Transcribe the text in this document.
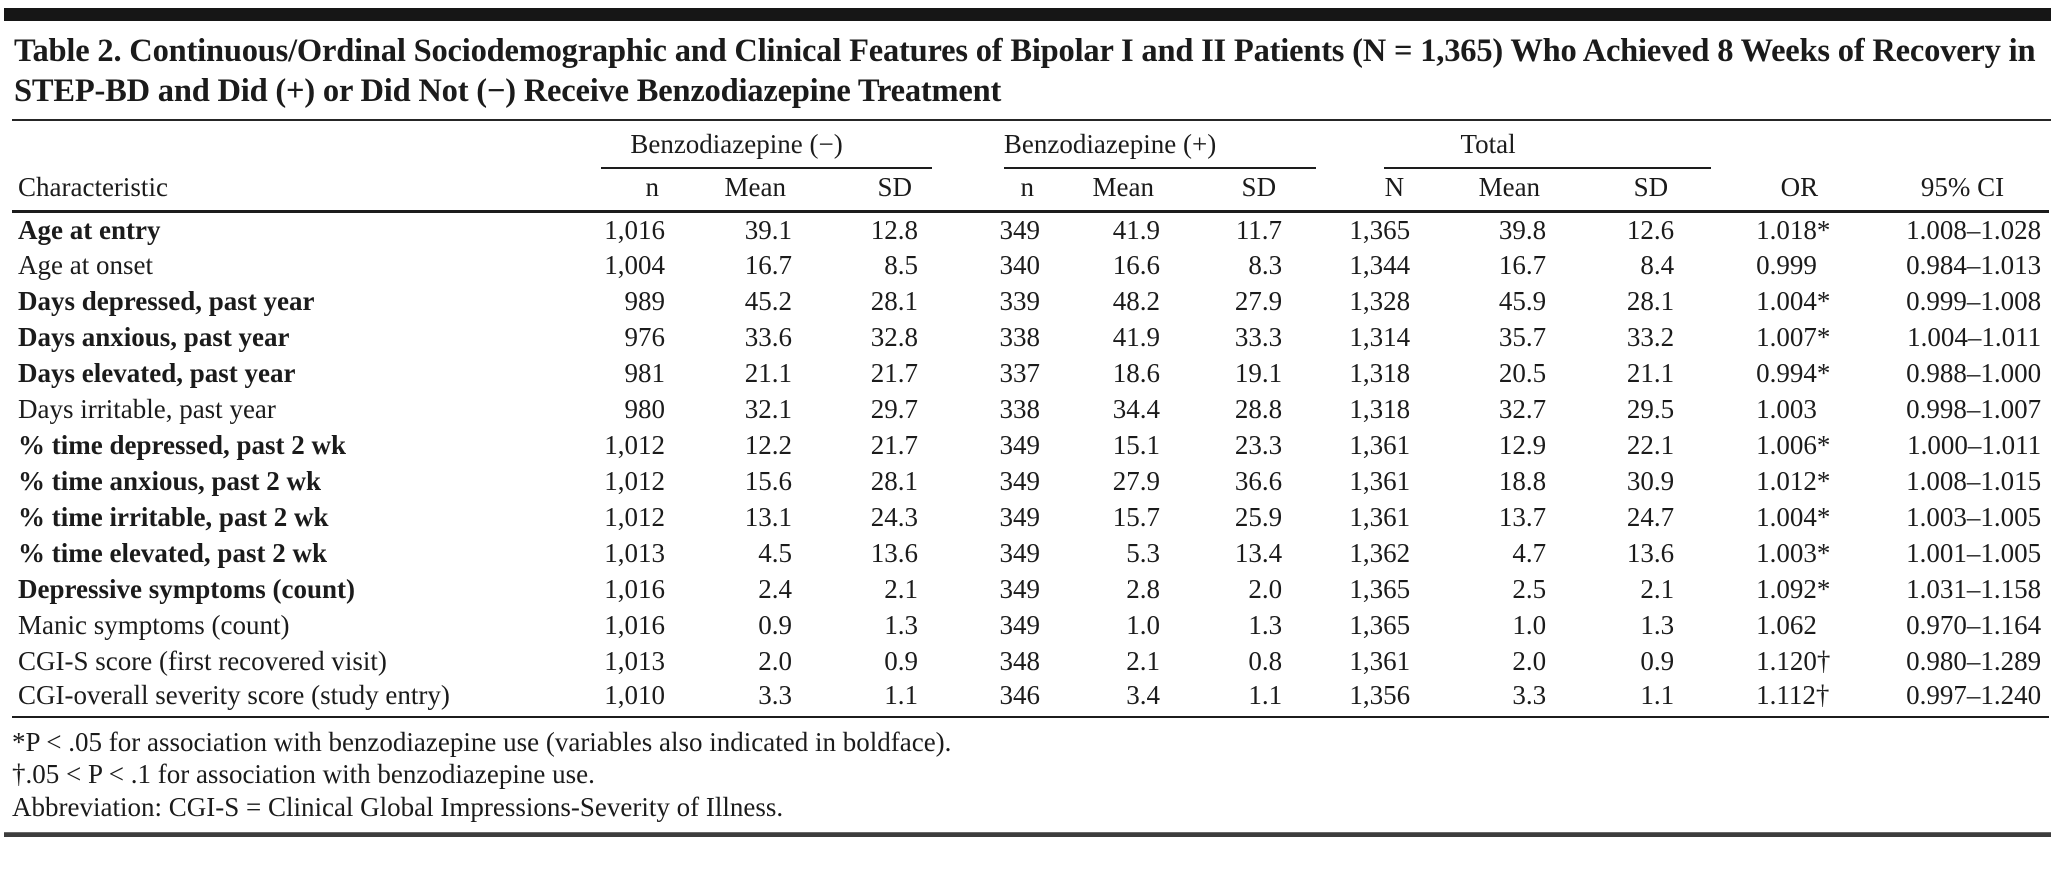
Table 2. Continuous/Ordinal Sociodemographic and Clinical Features of Bipolar I and II Patients (N = 1,365) Who Achieved 8 Weeks of Recovery in STEP-BD and Did (+) or Did Not (−) Receive Benzodiazepine Treatment
	Benzodiazepine (−)			Benzodiazepine (+)			Total				
Characteristic	n	Mean	SD	n	Mean	SD	N	Mean	SD	OR	95% CI
Age at entry	1,016	39.1	12.8	349	41.9	11.7	1,365	39.8	12.6	1.018*	1.008–1.028
Age at onset	1,004	16.7	8.5	340	16.6	8.3	1,344	16.7	8.4	0.999	0.984–1.013
Days depressed, past year	989	45.2	28.1	339	48.2	27.9	1,328	45.9	28.1	1.004*	0.999–1.008
Days anxious, past year	976	33.6	32.8	338	41.9	33.3	1,314	35.7	33.2	1.007*	1.004–1.011
Days elevated, past year	981	21.1	21.7	337	18.6	19.1	1,318	20.5	21.1	0.994*	0.988–1.000
Days irritable, past year	980	32.1	29.7	338	34.4	28.8	1,318	32.7	29.5	1.003	0.998–1.007
% time depressed, past 2 wk	1,012	12.2	21.7	349	15.1	23.3	1,361	12.9	22.1	1.006*	1.000–1.011
% time anxious, past 2 wk	1,012	15.6	28.1	349	27.9	36.6	1,361	18.8	30.9	1.012*	1.008–1.015
% time irritable, past 2 wk	1,012	13.1	24.3	349	15.7	25.9	1,361	13.7	24.7	1.004*	1.003–1.005
% time elevated, past 2 wk	1,013	4.5	13.6	349	5.3	13.4	1,362	4.7	13.6	1.003*	1.001–1.005
Depressive symptoms (count)	1,016	2.4	2.1	349	2.8	2.0	1,365	2.5	2.1	1.092*	1.031–1.158
Manic symptoms (count)	1,016	0.9	1.3	349	1.0	1.3	1,365	1.0	1.3	1.062	0.970–1.164
CGI-S score (first recovered visit)	1,013	2.0	0.9	348	2.1	0.8	1,361	2.0	0.9	1.120†	0.980–1.289
CGI-overall severity score (study entry)	1,010	3.3	1.1	346	3.4	1.1	1,356	3.3	1.1	1.112†	0.997–1.240
*P < .05 for association with benzodiazepine use (variables also indicated in boldface).
†.05 < P < .1 for association with benzodiazepine use.
Abbreviation: CGI-S = Clinical Global Impressions-Severity of Illness.
